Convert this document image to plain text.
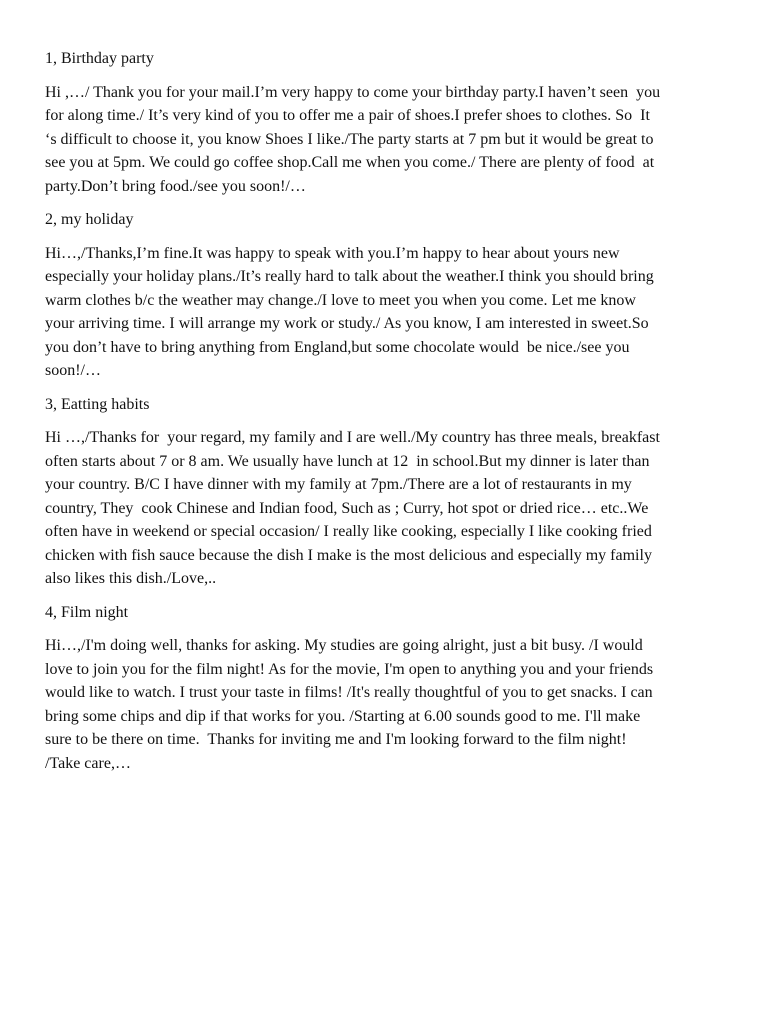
1, Birthday party
Hi ,…/ Thank you for your mail.I’m very happy to come your birthday party.I haven’t seen  you
for along time./ It’s very kind of you to offer me a pair of shoes.I prefer shoes to clothes. So  It
‘s difficult to choose it, you know Shoes I like./The party starts at 7 pm but it would be great to
see you at 5pm. We could go coffee shop.Call me when you come./ There are plenty of food  at
party.Don’t bring food./see you soon!/…
2, my holiday
Hi…,/Thanks,I’m fine.It was happy to speak with you.I’m happy to hear about yours new
especially your holiday plans./It’s really hard to talk about the weather.I think you should bring
warm clothes b/c the weather may change./I love to meet you when you come. Let me know
your arriving time. I will arrange my work or study./ As you know, I am interested in sweet.So
you don’t have to bring anything from England,but some chocolate would  be nice./see you
soon!/…
3, Eatting habits
Hi …,/Thanks for  your regard, my family and I are well./My country has three meals, breakfast
often starts about 7 or 8 am. We usually have lunch at 12  in school.But my dinner is later than
your country. B/C I have dinner with my family at 7pm./There are a lot of restaurants in my
country, They  cook Chinese and Indian food, Such as ; Curry, hot spot or dried rice… etc..We
often have in weekend or special occasion/ I really like cooking, especially I like cooking fried
chicken with fish sauce because the dish I make is the most delicious and especially my family
also likes this dish./Love,..
4, Film night
Hi…,/I'm doing well, thanks for asking. My studies are going alright, just a bit busy. /I would
love to join you for the film night! As for the movie, I'm open to anything you and your friends
would like to watch. I trust your taste in films! /It's really thoughtful of you to get snacks. I can
bring some chips and dip if that works for you. /Starting at 6.00 sounds good to me. I'll make
sure to be there on time.  Thanks for inviting me and I'm looking forward to the film night!
/Take care,…
